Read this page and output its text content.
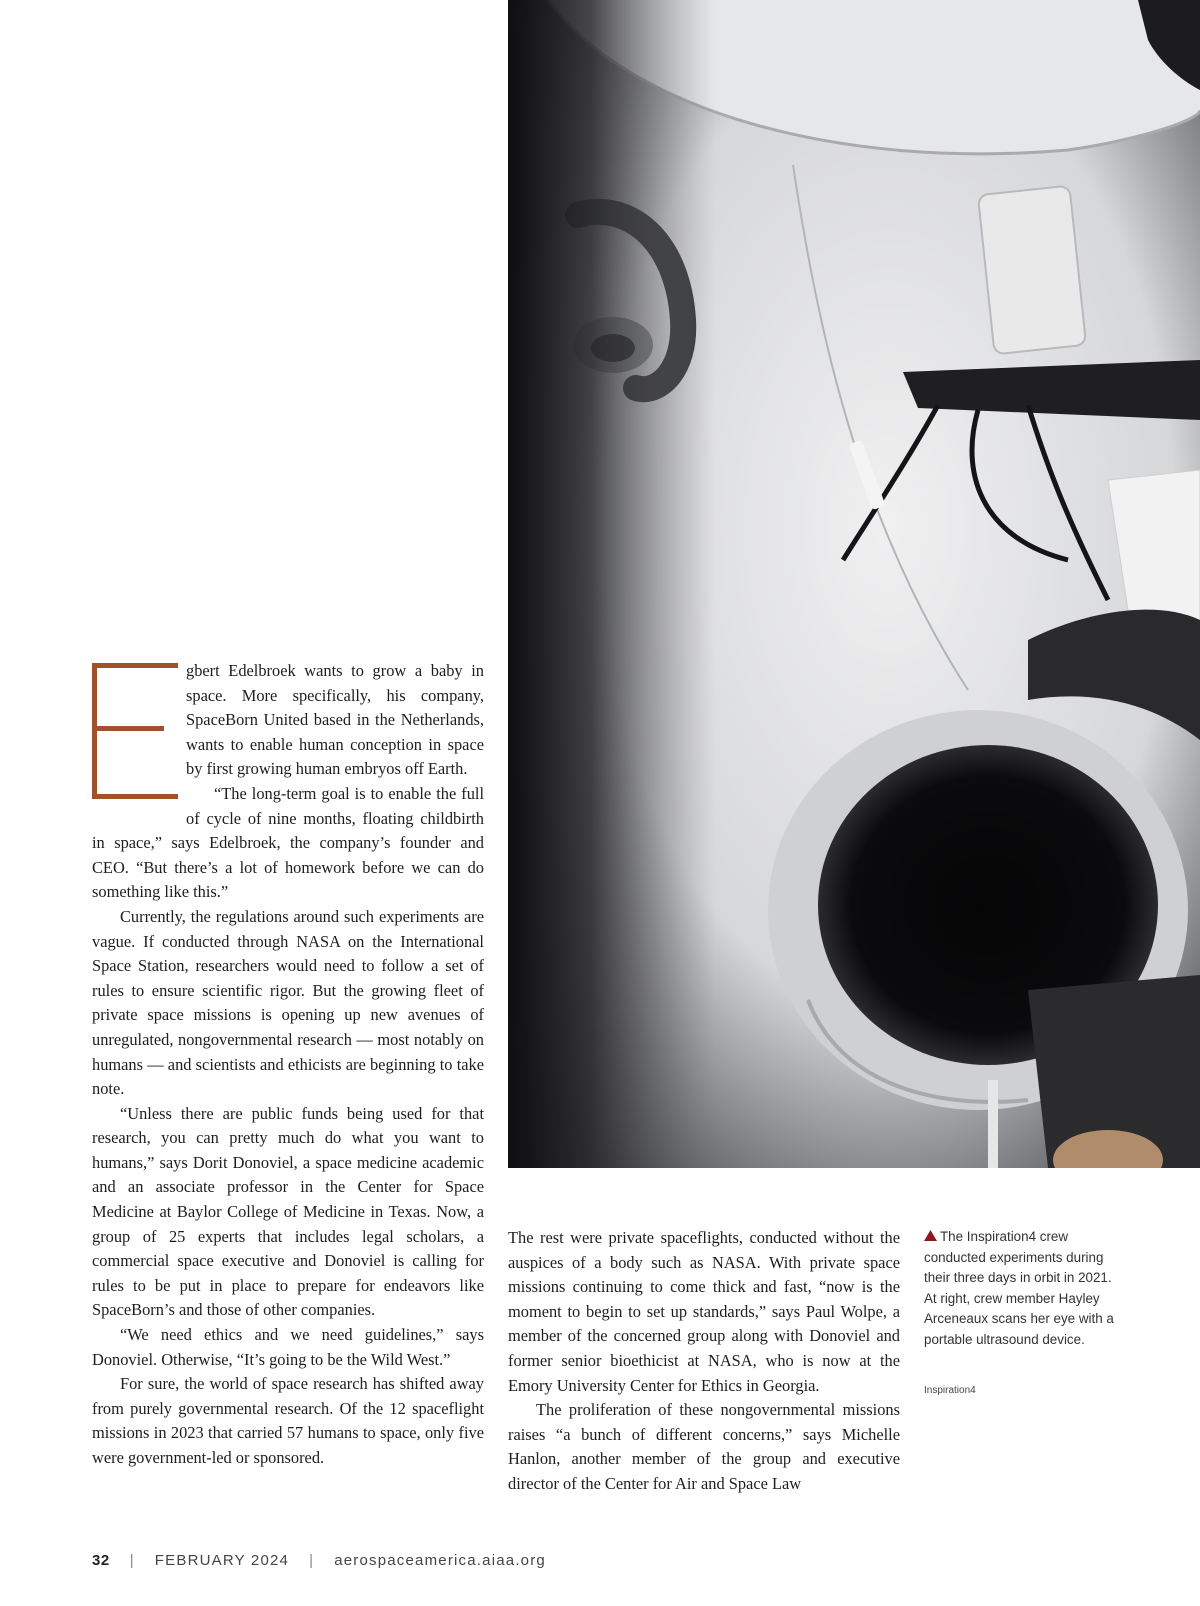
gbert Edelbroek wants to grow a baby in space. More specifically, his company, SpaceBorn United based in the Netherlands, wants to enable human conception in space by first growing human embryos off Earth.

“The long-term goal is to enable the full of cycle of nine months, floating childbirth in space,” says Edelbroek, the company’s founder and CEO. “But there’s a lot of homework before we can do something like this.”

Currently, the regulations around such experiments are vague. If conducted through NASA on the International Space Station, researchers would need to follow a set of rules to ensure scientific rigor. But the growing fleet of private space missions is opening up new avenues of unregulated, nongovernmental research — most notably on humans — and scientists and ethicists are beginning to take note.

“Unless there are public funds being used for that research, you can pretty much do what you want to humans,” says Dorit Donoviel, a space medicine academic and an associate professor in the Center for Space Medicine at Baylor College of Medicine in Texas. Now, a group of 25 experts that includes legal scholars, a commercial space executive and Donoviel is calling for rules to be put in place to prepare for endeavors like SpaceBorn’s and those of other companies.

“We need ethics and we need guidelines,” says Donoviel. Otherwise, “It’s going to be the Wild West.”

For sure, the world of space research has shifted away from purely governmental research. Of the 12 spaceflight missions in 2023 that carried 57 humans to space, only five were government-led or sponsored.

The rest were private spaceflights, conducted without the auspices of a body such as NASA. With private space missions continuing to come thick and fast, “now is the moment to begin to set up standards,” says Paul Wolpe, a member of the concerned group along with Donoviel and former senior bioethicist at NASA, who is now at the Emory University Center for Ethics in Georgia.

The proliferation of these nongovernmental missions raises “a bunch of different concerns,” says Michelle Hanlon, another member of the group and executive director of the Center for Air and Space Law

The Inspiration4 crew conducted experiments during their three days in orbit in 2021. At right, crew member Hayley Arceneaux scans her eye with a portable ultrasound device.
Inspiration4
32 | FEBRUARY 2024 | aerospaceamerica.aiaa.org
